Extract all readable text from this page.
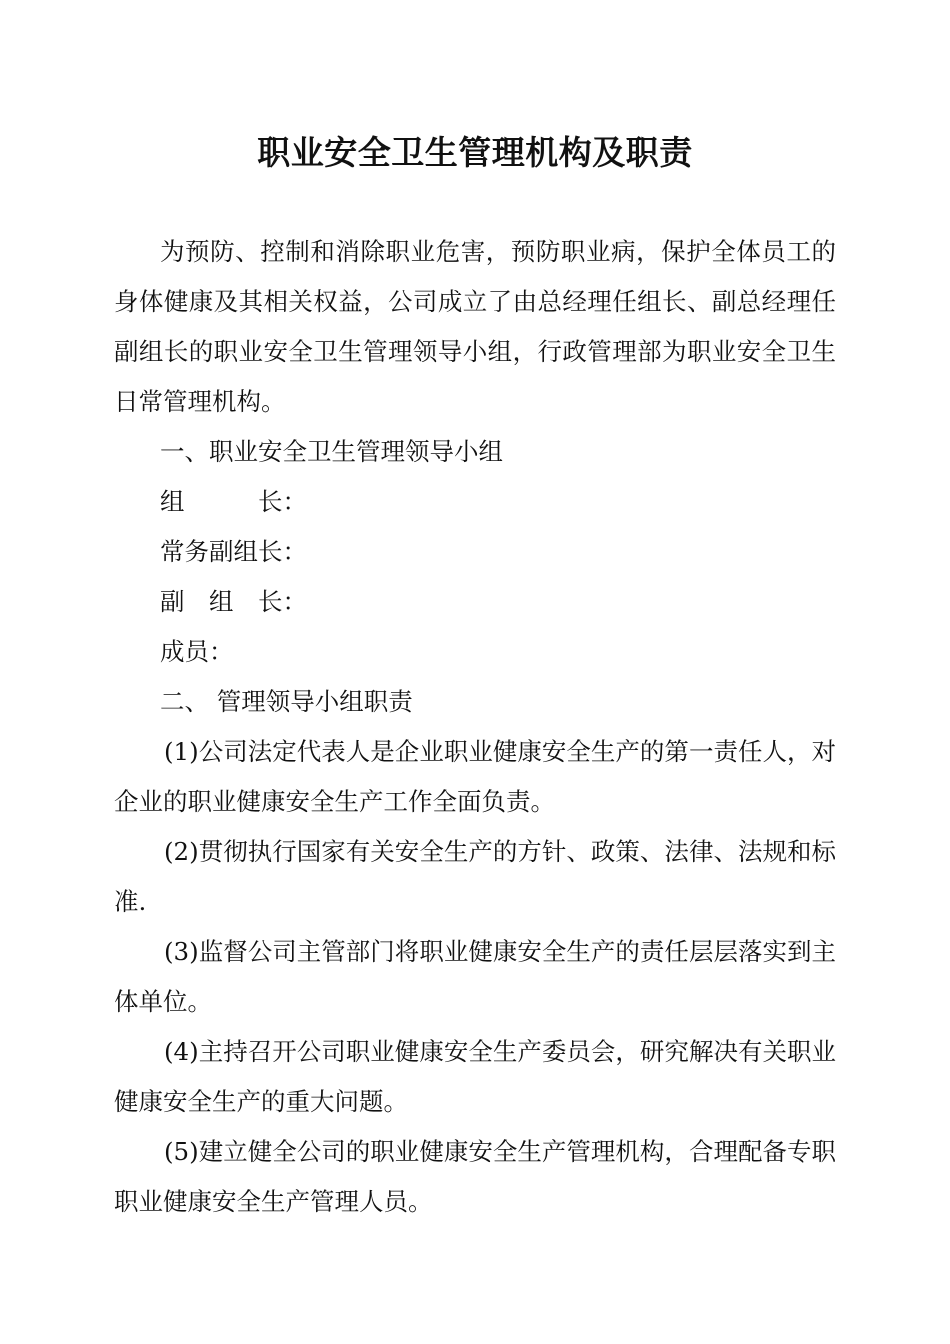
职业安全卫生管理机构及职责

为预防、控制和消除职业危害，预防职业病，保护全体员工的身体健康及其相关权益，公司成立了由总经理任组长、副总经理任副组长的职业安全卫生管理领导小组，行政管理部为职业安全卫生日常管理机构。

一、职业安全卫生管理领导小组

组　　　长：

常务副组长：

副　组　长：

成员：

二、 管理领导小组职责

(1)公司法定代表人是企业职业健康安全生产的第一责任人，对企业的职业健康安全生产工作全面负责。

(2)贯彻执行国家有关安全生产的方针、政策、法律、法规和标准.

(3)监督公司主管部门将职业健康安全生产的责任层层落实到主体单位。

(4)主持召开公司职业健康安全生产委员会，研究解决有关职业健康安全生产的重大问题。

(5)建立健全公司的职业健康安全生产管理机构，合理配备专职职业健康安全生产管理人员。
